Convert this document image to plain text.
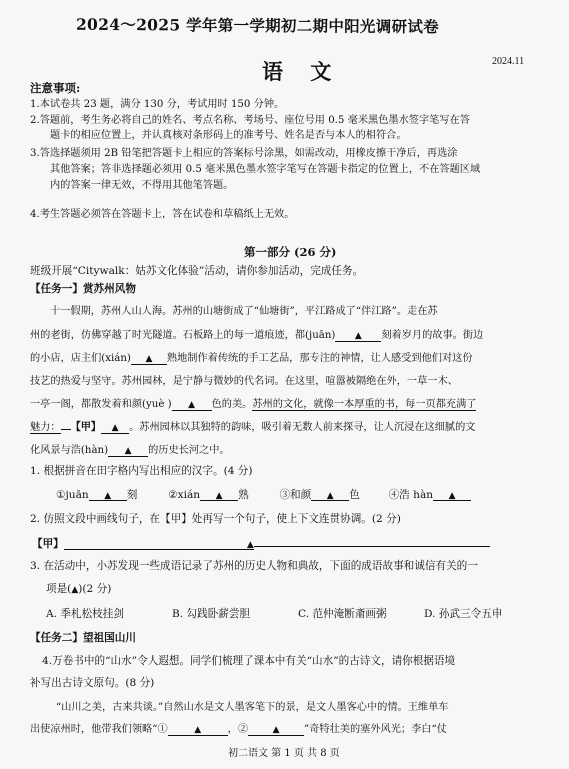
2024～2025 学年第一学期初二期中阳光调研试卷
语 文	2024.11
注意事项:
1.本试卷共 23 题，满分 130 分，考试用时 150 分钟。
2.答题前，考生务必将自己的姓名、考点名称、考场号、座位号用 0.5 毫米黑色墨水签字笔写在答
题卡的相应位置上，并认真核对条形码上的准考号、姓名是否与本人的相符合。
3.答选择题须用 2B 铅笔把答题卡上相应的答案标号涂黑，如需改动，用橡皮擦干净后，再选涂
其他答案；答非选择题必须用 0.5 毫米黑色墨水签字笔写在答题卡指定的位置上，不在答题区域
内的答案一律无效，不得用其他笔答题。
4.考生答题必须答在答题卡上，答在试卷和草稿纸上无效。
第一部分 (26 分)
班级开展“Citywalk：姑苏文化体验”活动，请你参加活动，完成任务。
【任务一】赏苏州风物
十一假期，苏州人山人海。苏州的山塘街成了“仙塘街”，平江路成了“伴江路”。走在苏
州的老街，仿佛穿越了时光隧道。石板路上的每一道痕迹，都(juān) ▲ 刻着岁月的故事。街边
的小店，店主们(xián) ▲ 熟地制作着传统的手工艺品，那专注的神情，让人感受到他们对这份
技艺的热爱与坚守。苏州园林，是宁静与微妙的代名词。在这里，喧嚣被隔绝在外，一草一木、
一亭一阁，都散发着和颜(yuè ) ▲ 色的美。苏州的文化，就像一本厚重的书，每一页都充满了
魅力： 【甲】 ▲ 。苏州园林以其独特的韵味，吸引着无数人前来探寻，让人沉浸在这细腻的文
化风景与浩(hàn) ▲ 的历史长河之中。
1. 根据拼音在田字格内写出相应的汉字。(4 分)
①juān ▲ 刻	②xián ▲ 熟	③和颜 ▲ 色	④浩 hàn ▲
2. 仿照文段中画线句子，在【甲】处再写一个句子，使上下文连贯协调。(2 分)
【甲】	▲
3. 在活动中，小苏发现一些成语记录了苏州的历史人物和典故，下面的成语故事和诚信有关的一
项是(▲)(2 分)
A. 季札松枝挂剑	B. 勾践卧薪尝胆	C. 范仲淹断齑画粥	D. 孙武三令五申
【任务二】望祖国山川
4.万卷书中的“山水”令人遐想。同学们梳理了课本中有关“山水”的古诗文，请你根据语境
补写出古诗文原句。(8 分)
“山川之美，古来共谈。”自然山水是文人墨客笔下的景，是文人墨客心中的情。王维单车
出使凉州时，他带我们领略“①	▲	，②	▲ ”奇特壮美的塞外风光；李白“仗
初二语文 第 1 页 共 8 页
